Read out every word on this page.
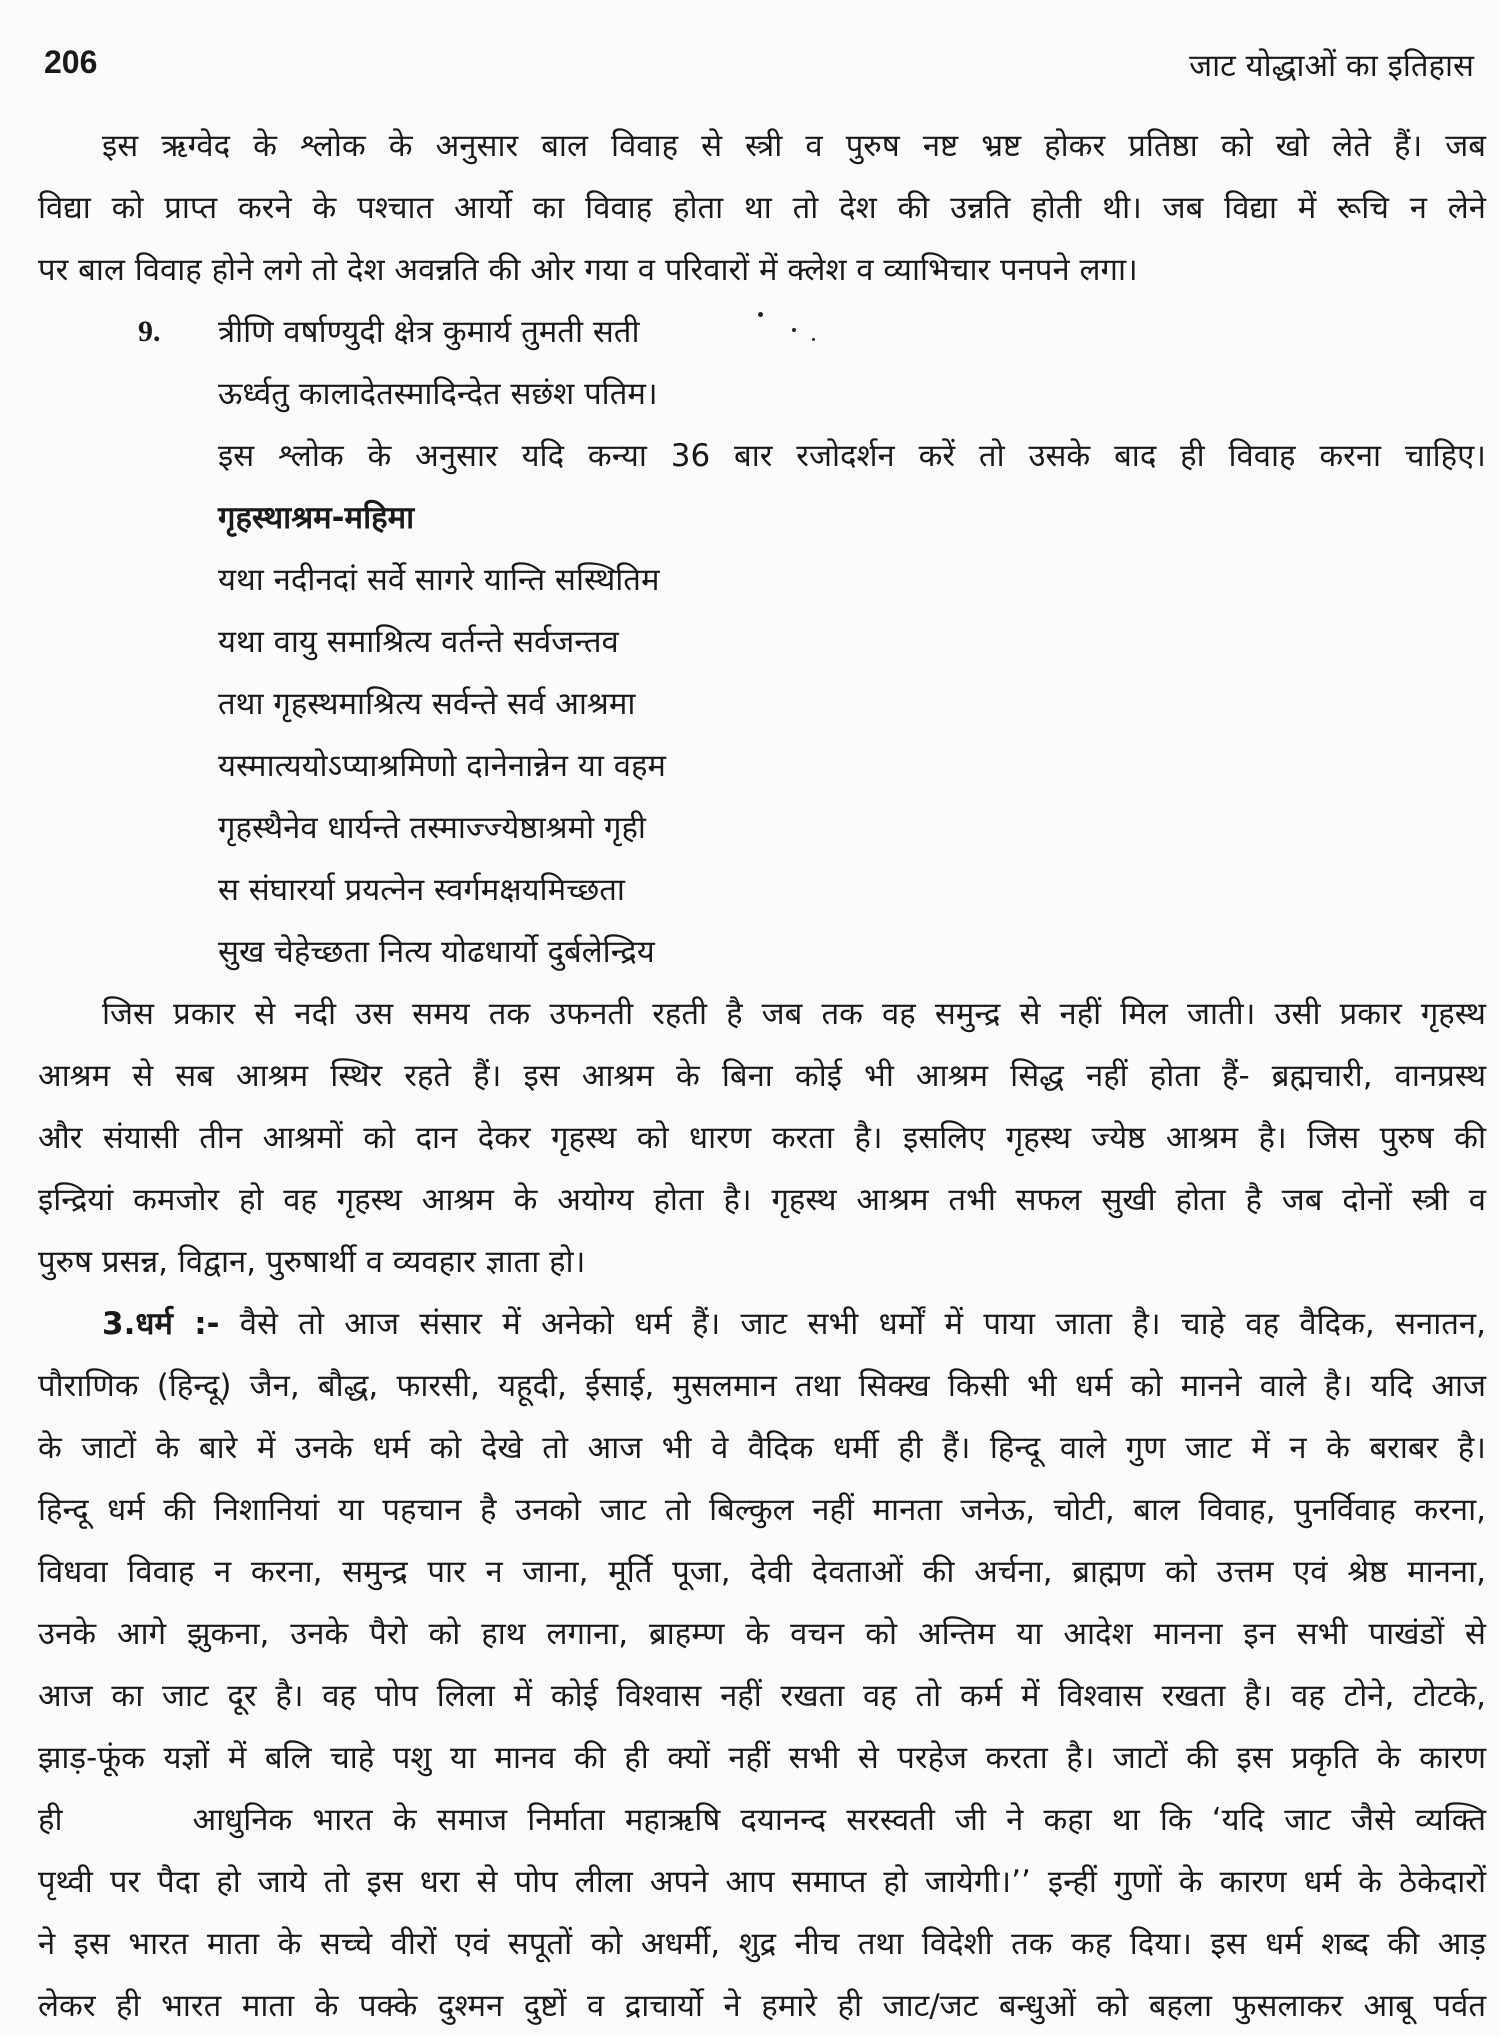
206	जाट योद्धाओं का इतिहास

इस ऋग्वेद के श्लोक के अनुसार बाल विवाह से स्त्री व पुरुष नष्ट भ्रष्ट होकर प्रतिष्ठा को खो लेते हैं। जब
विद्या को प्राप्त करने के पश्चात आर्यो का विवाह होता था तो देश की उन्नति होती थी। जब विद्या में रूचि न लेने
पर बाल विवाह होने लगे तो देश अवन्नति की ओर गया व परिवारों में क्लेश व व्याभिचार पनपने लगा।

9. त्रीणि वर्षाण्युदी क्षेत्र कुमार्य तुमती सती
ऊर्ध्वतु कालादेतस्मादिन्देत सछंश पतिम।
इस श्लोक के अनुसार यदि कन्या 36 बार रजोदर्शन करें तो उसके बाद ही विवाह करना चाहिए।
गृहस्थाश्रम-महिमा
यथा नदीनदां सर्वे सागरे यान्ति सस्थितिम
यथा वायु समाश्रित्य वर्तन्ते सर्वजन्तव
तथा गृहस्थमाश्रित्य सर्वन्ते सर्व आश्रमा
यस्मात्ययोऽप्याश्रमिणो दानेनान्नेन या वहम
गृहस्थैनेव धार्यन्ते तस्माज्ज्येष्ठाश्रमो गृही
स संघारर्या प्रयत्नेन स्वर्गमक्षयमिच्छता
सुख चेहेच्छता नित्य योढधार्यो दुर्बलेन्द्रिय

जिस प्रकार से नदी उस समय तक उफनती रहती है जब तक वह समुन्द्र से नहीं मिल जाती। उसी प्रकार गृहस्थ
आश्रम से सब आश्रम स्थिर रहते हैं। इस आश्रम के बिना कोई भी आश्रम सिद्ध नहीं होता हैं- ब्रह्मचारी, वानप्रस्थ
और संयासी तीन आश्रमों को दान देकर गृहस्थ को धारण करता है। इसलिए गृहस्थ ज्येष्ठ आश्रम है। जिस पुरुष की
इन्द्रियां कमजोर हो वह गृहस्थ आश्रम के अयोग्य होता है। गृहस्थ आश्रम तभी सफल सुखी होता है जब दोनों स्त्री व
पुरुष प्रसन्न, विद्वान, पुरुषार्थी व व्यवहार ज्ञाता हो।

3.धर्म :- वैसे तो आज संसार में अनेको धर्म हैं। जाट सभी धर्मों में पाया जाता है। चाहे वह वैदिक, सनातन,
पौराणिक (हिन्दू) जैन, बौद्ध, फारसी, यहूदी, ईसाई, मुसलमान तथा सिक्ख किसी भी धर्म को मानने वाले है। यदि आज
के जाटों के बारे में उनके धर्म को देखे तो आज भी वे वैदिक धर्मी ही हैं। हिन्दू वाले गुण जाट में न के बराबर है।
हिन्दू धर्म की निशानियां या पहचान है उनको जाट तो बिल्कुल नहीं मानता जनेऊ, चोटी, बाल विवाह, पुनर्विवाह करना,
विधवा विवाह न करना, समुन्द्र पार न जाना, मूर्ति पूजा, देवी देवताओं की अर्चना, ब्राह्मण को उत्तम एवं श्रेष्ठ मानना,
उनके आगे झुकना, उनके पैरो को हाथ लगाना, ब्राहम्ण के वचन को अन्तिम या आदेश मानना इन सभी पाखंडों से
आज का जाट दूर है। वह पोप लिला में कोई विश्वास नहीं रखता वह तो कर्म में विश्वास रखता है। वह टोने, टोटके,
झाड़-फूंक यज्ञों में बलि चाहे पशु या मानव की ही क्यों नहीं सभी से परहेज करता है। जाटों की इस प्रकृति के कारण
ही	आधुनिक भारत के समाज निर्माता महाऋषि दयानन्द सरस्वती जी ने कहा था कि ‘यदि जाट जैसे व्यक्ति
पृथ्वी पर पैदा हो जाये तो इस धरा से पोप लीला अपने आप समाप्त हो जायेगी।’’ इन्हीं गुणों के कारण धर्म के ठेकेदारों
ने इस भारत माता के सच्चे वीरों एवं सपूतों को अधर्मी, शुद्र नीच तथा विदेशी तक कह दिया। इस धर्म शब्द की आड़
लेकर ही भारत माता के पक्के दुश्मन दुष्टों व द्राचार्यो ने हमारे ही जाट/जट बन्धुओं को बहला फुसलाकर आबू पर्वत
